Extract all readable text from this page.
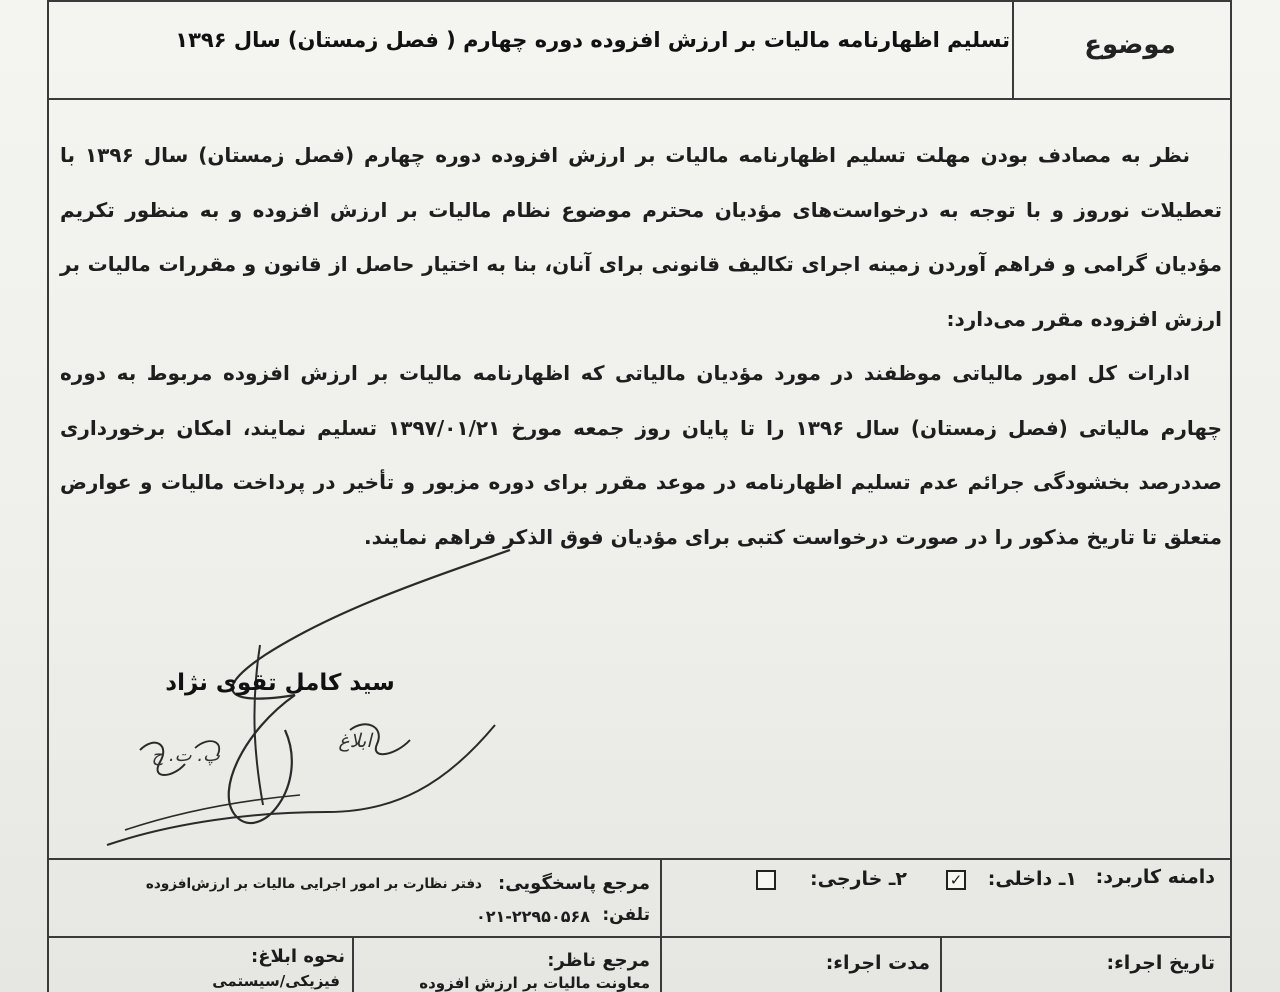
موضوع
تسلیم اظهارنامه مالیات بر ارزش افزوده دوره چهارم ( فصل زمستان) سال ۱۳۹۶

نظر به مصادف بودن مهلت تسلیم اظهارنامه مالیات بر ارزش افزوده دوره چهارم (فصل زمستان) سال ۱۳۹۶ با تعطیلات نوروز و با توجه به درخواست‌های مؤدیان محترم موضوع نظام مالیات بر ارزش افزوده و به منظور تکریم مؤدیان گرامی و فراهم آوردن زمینه اجرای تکالیف قانونی برای آنان، بنا به اختیار حاصل از قانون و مقررات مالیات بر ارزش افزوده مقرر می‌دارد:

ادارات کل امور مالیاتی موظفند در مورد مؤدیان مالیاتی که اظهارنامه مالیات بر ارزش افزوده مربوط به دوره چهارم مالیاتی (فصل زمستان) سال ۱۳۹۶ را تا پایان روز جمعه مورخ ۱۳۹۷/۰۱/۲۱ تسلیم نمایند، امکان برخورداری صددرصد بخشودگی جرائم عدم تسلیم اظهارنامه در موعد مقرر برای دوره مزبور و تأخیر در پرداخت مالیات و عوارض متعلق تا تاریخ مذکور را در صورت درخواست کتبی برای مؤدیان فوق الذکر فراهم نمایند.

سید کامل تقوی نژاد
ابلاغ
پ. ت. ح
دامنه کاربرد:
۱ـ داخلی:
✓
۲ـ خارجی:
مرجع پاسخگویی:
دفتر نظارت بر امور اجرایی مالیات بر ارزش‌افزوده
تلفن:
۰۲۱-۲۲۹۵۰۵۶۸
تاریخ اجراء:
مدت اجراء:
مرجع ناظر:
معاونت مالیات بر ارزش افزوده
نحوه ابلاغ:
فیزیکی/سیستمی
